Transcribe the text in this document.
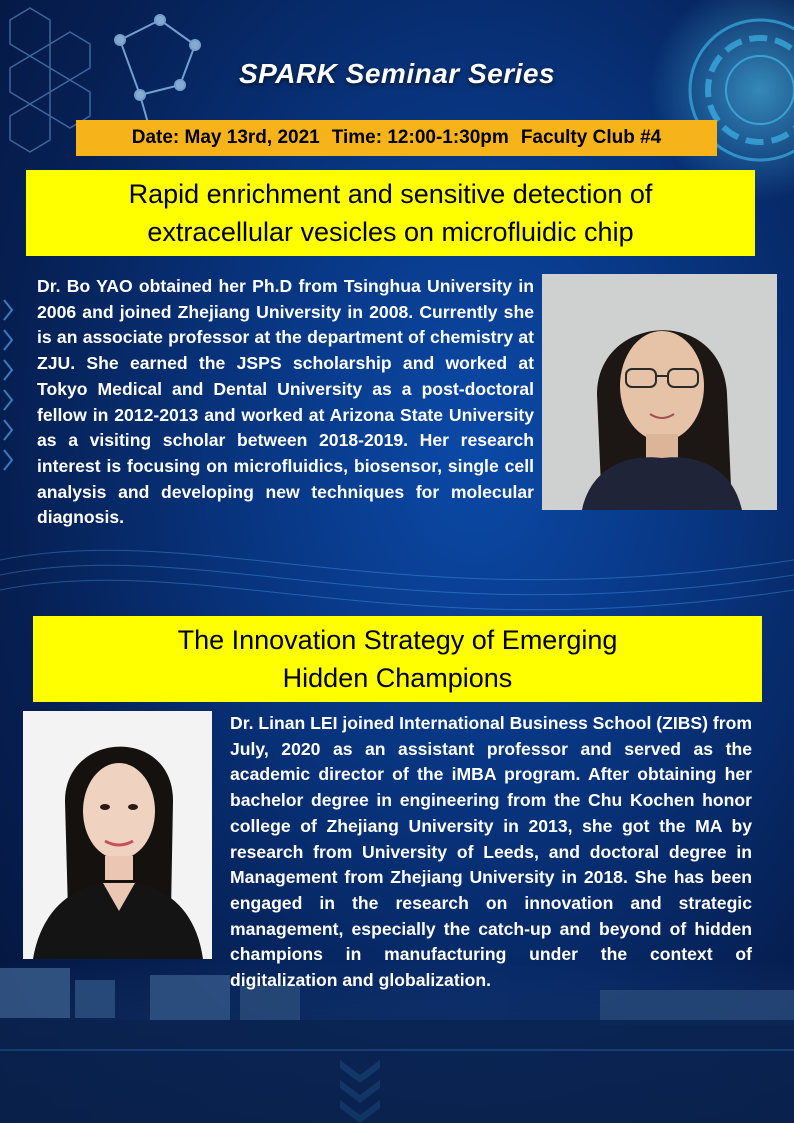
SPARK Seminar Series
Date: May 13rd, 2021 Time: 12:00-1:30pm Faculty Club #4
Rapid enrichment and sensitive detection of
extracellular vesicles on microfluidic chip
Dr. Bo YAO obtained her Ph.D from Tsinghua University in 2006 and joined Zhejiang University in 2008. Currently she is an associate professor at the department of chemistry at ZJU. She earned the JSPS scholarship and worked at Tokyo Medical and Dental University as a post-doctoral fellow in 2012-2013 and worked at Arizona State University as a visiting scholar between 2018-2019. Her research interest is focusing on microfluidics, biosensor, single cell analysis and developing new techniques for molecular diagnosis.
The Innovation Strategy of Emerging
Hidden Champions
Dr. Linan LEI joined International Business School (ZIBS) from July, 2020 as an assistant professor and served as the academic director of the iMBA program. After obtaining her bachelor degree in engineering from the Chu Kochen honor college of Zhejiang University in 2013, she got the MA by research from University of Leeds, and doctoral degree in Management from Zhejiang University in 2018. She has been engaged in the research on innovation and strategic management, especially the catch-up and beyond of hidden champions in manufacturing under the context of digitalization and globalization.
